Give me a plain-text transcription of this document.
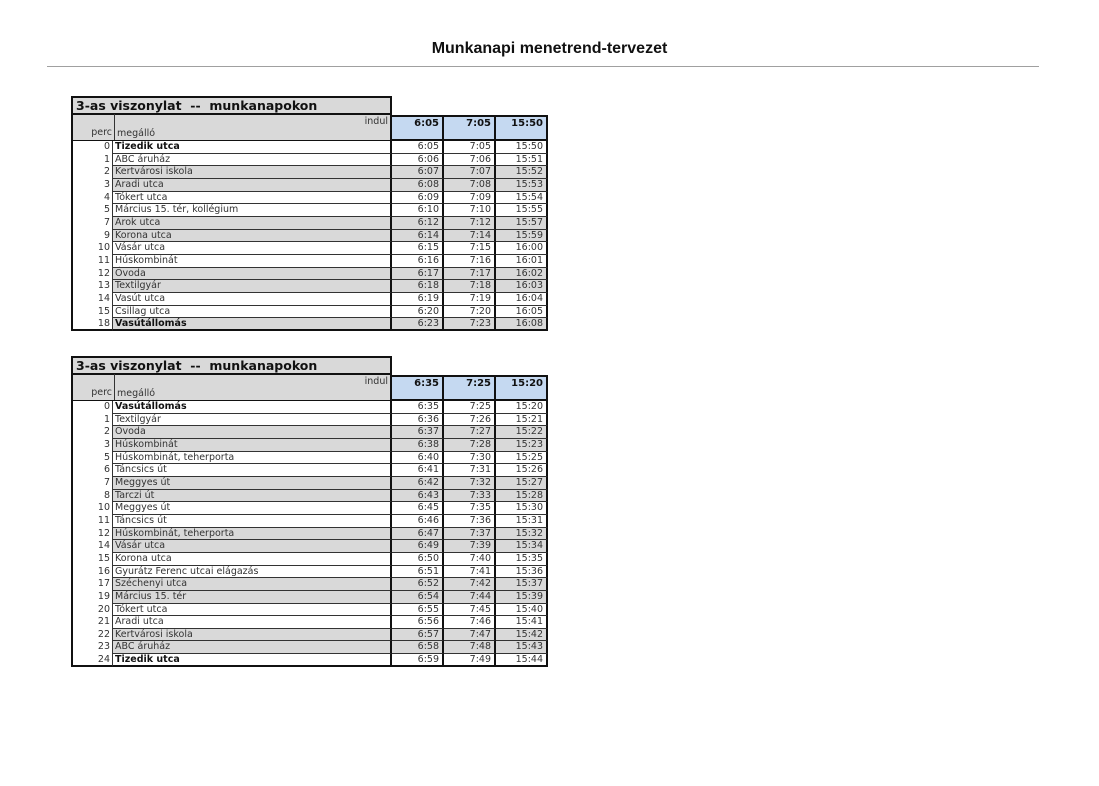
Munkanapi menetrend-tervezet
3-as viszonylat  --  munkanapokon
perc
indul
megálló
6:05	7:05	15:50
0 Tizedik utca	6:05	7:05	15:50
1 ABC áruház	6:06	7:06	15:51
2 Kertvárosi iskola	6:07	7:07	15:52
3 Aradi utca	6:08	7:08	15:53
4 Tókert utca	6:09	7:09	15:54
5 Március 15. tér, kollégium	6:10	7:10	15:55
7 Árok utca	6:12	7:12	15:57
9 Korona utca	6:14	7:14	15:59
10 Vásár utca	6:15	7:15	16:00
11 Húskombinát	6:16	7:16	16:01
12 Óvoda	6:17	7:17	16:02
13 Textilgyár	6:18	7:18	16:03
14 Vasút utca	6:19	7:19	16:04
15 Csillag utca	6:20	7:20	16:05
18 Vasútállomás	6:23	7:23	16:08
3-as viszonylat  --  munkanapokon
perc
indul
megálló
6:35	7:25	15:20
0 Vasútállomás	6:35	7:25	15:20
1 Textilgyár	6:36	7:26	15:21
2 Óvoda	6:37	7:27	15:22
3 Húskombinát	6:38	7:28	15:23
5 Húskombinát, teherporta	6:40	7:30	15:25
6 Táncsics út	6:41	7:31	15:26
7 Meggyes út	6:42	7:32	15:27
8 Tarczi út	6:43	7:33	15:28
10 Meggyes út	6:45	7:35	15:30
11 Táncsics út	6:46	7:36	15:31
12 Húskombinát, teherporta	6:47	7:37	15:32
14 Vásár utca	6:49	7:39	15:34
15 Korona utca	6:50	7:40	15:35
16 Gyurátz Ferenc utcai elágazás	6:51	7:41	15:36
17 Széchenyi utca	6:52	7:42	15:37
19 Március 15. tér	6:54	7:44	15:39
20 Tókert utca	6:55	7:45	15:40
21 Aradi utca	6:56	7:46	15:41
22 Kertvárosi iskola	6:57	7:47	15:42
23 ABC áruház	6:58	7:48	15:43
24 Tizedik utca	6:59	7:49	15:44
